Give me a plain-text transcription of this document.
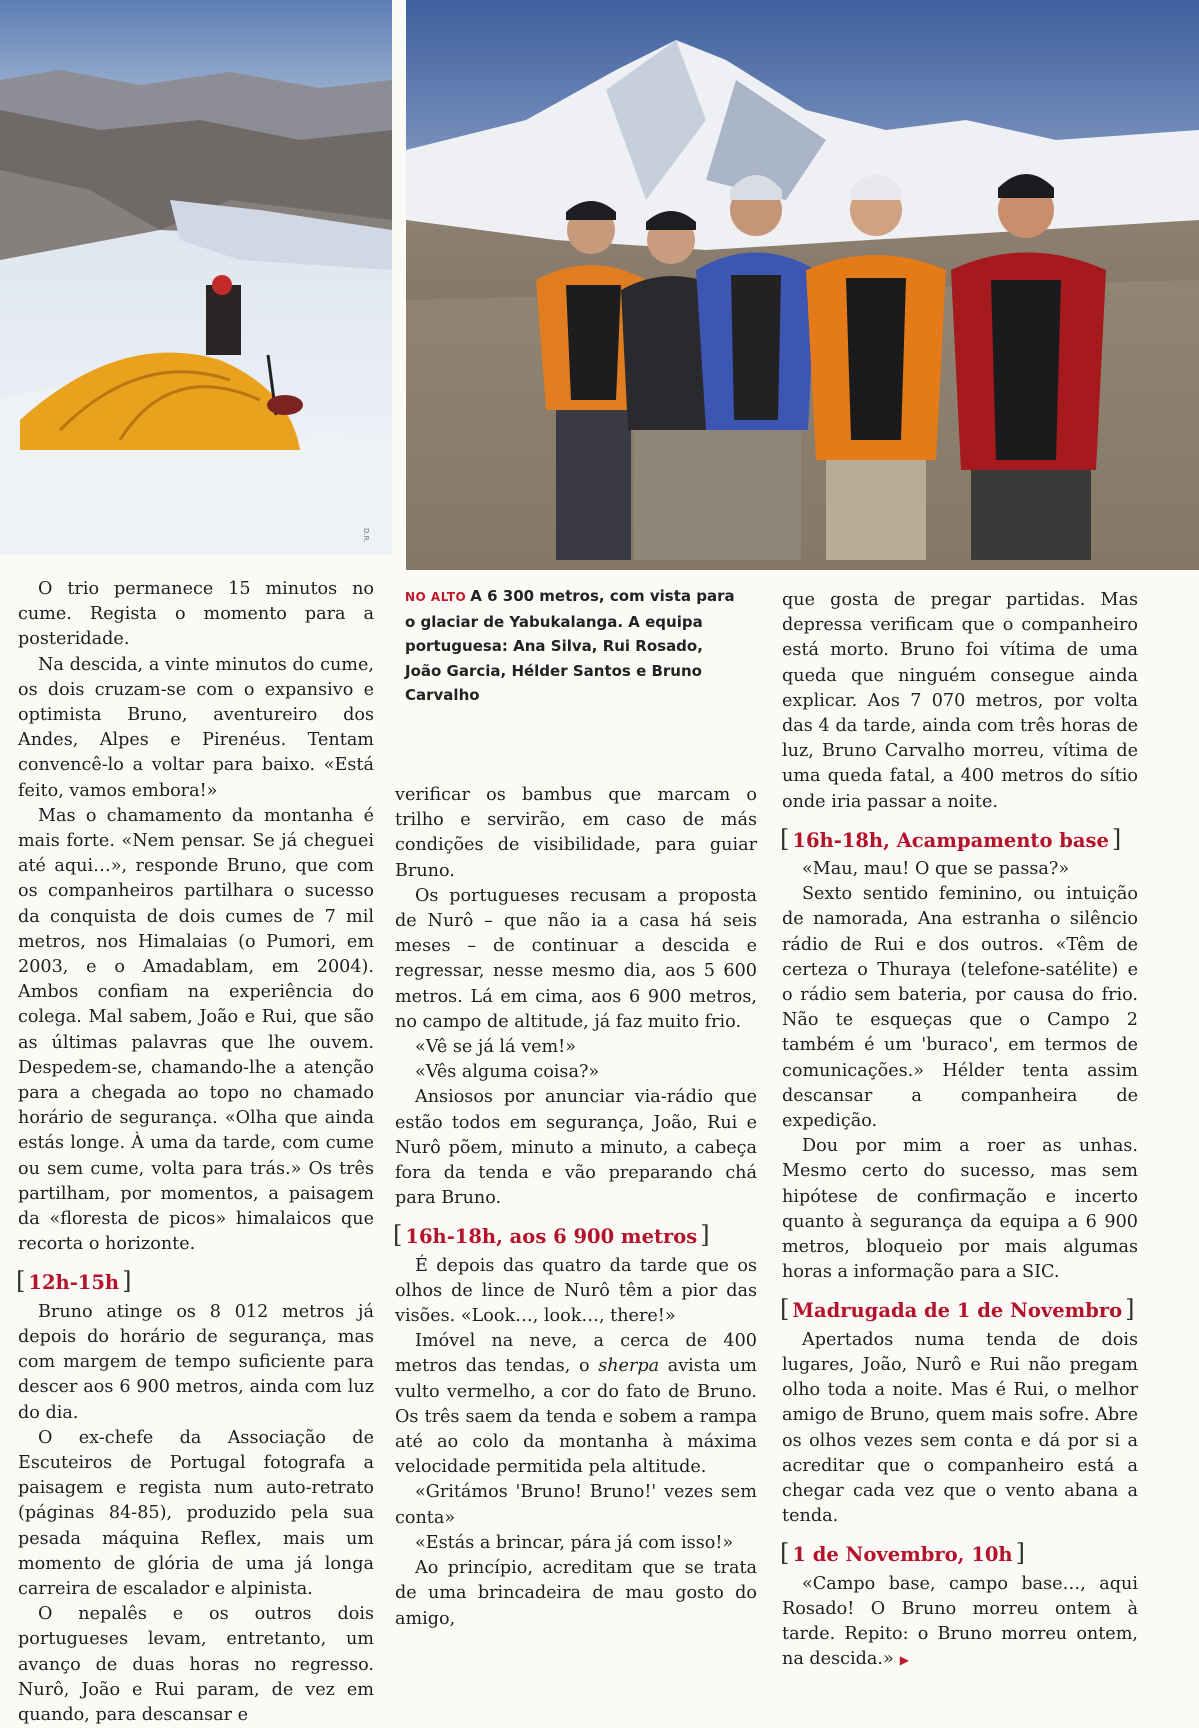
D.R.
NO ALTO A 6 300 metros, com vista para o glaciar de Yabukalanga. A equipa portuguesa: Ana Silva, Rui Rosado, João Garcia, Hélder Santos e Bruno Carvalho

O trio permanece 15 minutos no cume. Regista o momento para a posteridade.

Na descida, a vinte minutos do cume, os dois cruzam-se com o expansivo e optimista Bruno, aventureiro dos Andes, Alpes e Pirenéus. Tentam convencê-lo a voltar para baixo. «Está feito, vamos embora!»

Mas o chamamento da montanha é mais forte. «Nem pensar. Se já cheguei até aqui…», responde Bruno, que com os companheiros partilhara o sucesso da conquista de dois cumes de 7 mil metros, nos Himalaias (o Pumori, em 2003, e o Amadablam, em 2004). Ambos confiam na experiência do colega. Mal sabem, João e Rui, que são as últimas palavras que lhe ouvem. Despedem-se, chamando-lhe a atenção para a chegada ao topo no chamado horário de segurança. «Olha que ainda estás longe. À uma da tarde, com cume ou sem cume, volta para trás.» Os três partilham, por momentos, a paisagem da «floresta de picos» himalaicos que recorta o horizonte.

[ 12h-15h ]

Bruno atinge os 8 012 metros já depois do horário de segurança, mas com margem de tempo suficiente para descer aos 6 900 metros, ainda com luz do dia.

O ex-chefe da Associação de Escuteiros de Portugal fotografa a paisagem e regista num auto-retrato (páginas 84-85), produzido pela sua pesada máquina Reflex, mais um momento de glória de uma já longa carreira de escalador e alpinista.

O nepalês e os outros dois portugueses levam, entretanto, um avanço de duas horas no regresso. Nurô, João e Rui param, de vez em quando, para descansar e

verificar os bambus que marcam o trilho e servirão, em caso de más condições de visibilidade, para guiar Bruno.

Os portugueses recusam a proposta de Nurô – que não ia a casa há seis meses – de continuar a descida e regressar, nesse mesmo dia, aos 5 600 metros. Lá em cima, aos 6 900 metros, no campo de altitude, já faz muito frio.

«Vê se já lá vem!»

«Vês alguma coisa?»

Ansiosos por anunciar via-rádio que estão todos em segurança, João, Rui e Nurô põem, minuto a minuto, a cabeça fora da tenda e vão preparando chá para Bruno.

[ 16h-18h, aos 6 900 metros ]

É depois das quatro da tarde que os olhos de lince de Nurô têm a pior das visões. «Look…, look…, there!»

Imóvel na neve, a cerca de 400 metros das tendas, o sherpa avista um vulto vermelho, a cor do fato de Bruno. Os três saem da tenda e sobem a rampa até ao colo da montanha à máxima velocidade permitida pela altitude.

«Gritámos 'Bruno! Bruno!' vezes sem conta»

«Estás a brincar, pára já com isso!»

Ao princípio, acreditam que se trata de uma brincadeira de mau gosto do amigo,

que gosta de pregar partidas. Mas depressa verificam que o companheiro está morto. Bruno foi vítima de uma queda que ninguém consegue ainda explicar. Aos 7 070 metros, por volta das 4 da tarde, ainda com três horas de luz, Bruno Carvalho morreu, vítima de uma queda fatal, a 400 metros do sítio onde iria passar a noite.

[ 16h-18h, Acampamento base ]

«Mau, mau! O que se passa?»

Sexto sentido feminino, ou intuição de namorada, Ana estranha o silêncio rádio de Rui e dos outros. «Têm de certeza o Thuraya (telefone-satélite) e o rádio sem bateria, por causa do frio. Não te esqueças que o Campo 2 também é um 'buraco', em termos de comunicações.» Hélder tenta assim descansar a companheira de expedição.

Dou por mim a roer as unhas. Mesmo certo do sucesso, mas sem hipótese de confirmação e incerto quanto à segurança da equipa a 6 900 metros, bloqueio por mais algumas horas a informação para a SIC.

[ Madrugada de 1 de Novembro ]

Apertados numa tenda de dois lugares, João, Nurô e Rui não pregam olho toda a noite. Mas é Rui, o melhor amigo de Bruno, quem mais sofre. Abre os olhos vezes sem conta e dá por si a acreditar que o companheiro está a chegar cada vez que o vento abana a tenda.

[ 1 de Novembro, 10h ]

«Campo base, campo base…, aqui Rosado! O Bruno morreu ontem à tarde. Repito: o Bruno morreu ontem, na descida.» ▶
